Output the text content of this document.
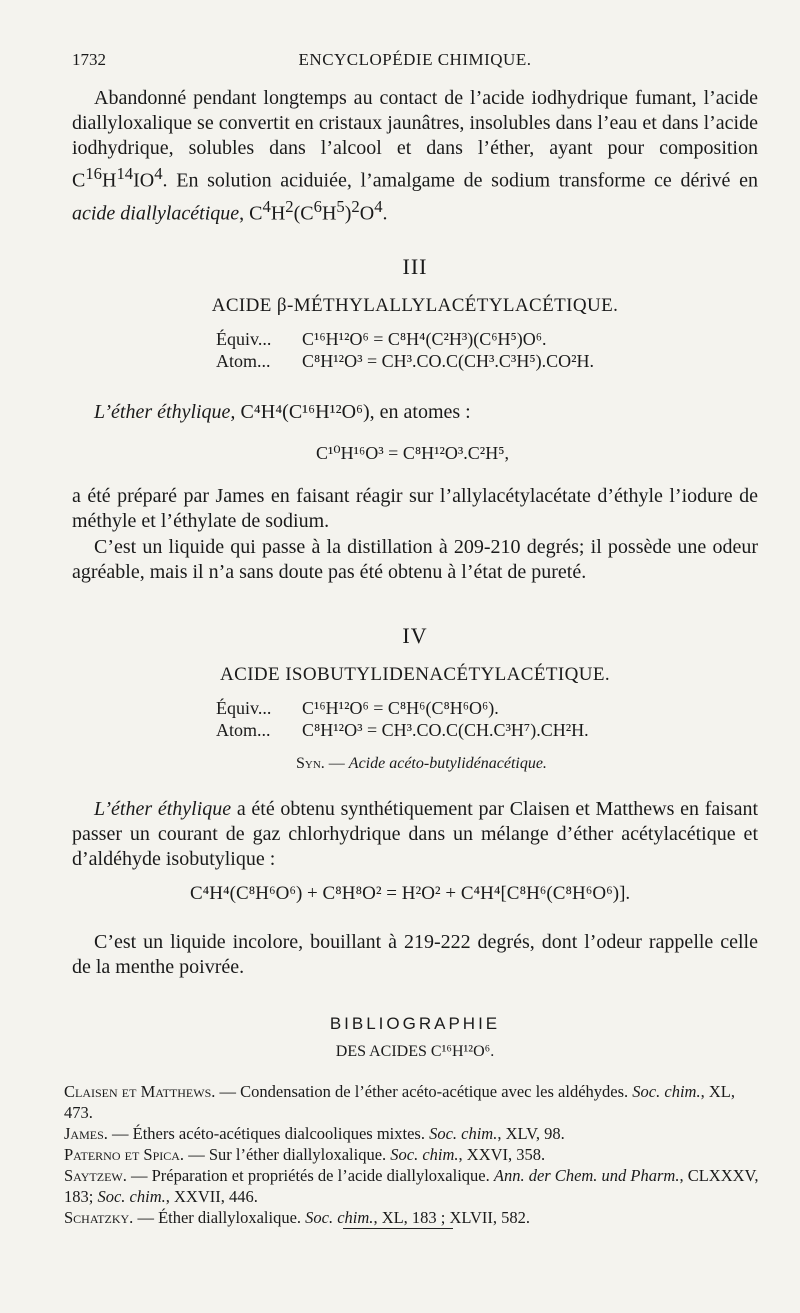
1732	ENCYCLOPÉDIE CHIMIQUE.
Abandonné pendant longtemps au contact de l’acide iodhydrique fumant, l’acide diallyloxalique se convertit en cristaux jaunâtres, insolubles dans l’eau et dans l’acide iodhydrique, solubles dans l’alcool et dans l’éther, ayant pour composition $C^{16}H^{14}IO^4$. En solution aciduiée, l’amalgame de sodium transforme ce dérivé en acide diallylacétique, $C^4H^2(C^6H^5)^2O^4$.
III
ACIDE β-MÉTHYLALLYLACÉTYLACÉTIQUE.
Équiv... C¹⁶H¹²O⁶ = C⁸H⁴(C²H³)(C⁶H⁵)O⁶.
Atom... C⁸H¹²O³ = CH³.CO.C(CH³.C³H⁵).CO²H.
L’éther éthylique, C⁴H⁴(C¹⁶H¹²O⁶), en atomes :
C¹⁰H¹⁶O³ = C⁸H¹²O³.C²H⁵,
a été préparé par James en faisant réagir sur l’allylacétylacétate d’éthyle l’iodure de méthyle et l’éthylate de sodium.
C’est un liquide qui passe à la distillation à 209-210 degrés; il possède une odeur agréable, mais il n’a sans doute pas été obtenu à l’état de pureté.
IV
ACIDE ISOBUTYLIDENACÉTYLACÉTIQUE.
Équiv... C¹⁶H¹²O⁶ = C⁸H⁶(C⁸H⁶O⁶).
Atom... C⁸H¹²O³ = CH³.CO.C(CH.C³H⁷).CH²H.
Syn. — Acide acéto-butylidénacétique.
L’éther éthylique a été obtenu synthétiquement par Claisen et Matthews en faisant passer un courant de gaz chlorhydrique dans un mélange d’éther acétylacétique et d’aldéhyde isobutylique :
C⁴H⁴(C⁸H⁶O⁶) + C⁸H⁸O² = H²O² + C⁴H⁴[C⁸H⁶(C⁸H⁶O⁶)].
C’est un liquide incolore, bouillant à 219-222 degrés, dont l’odeur rappelle celle de la menthe poivrée.
BIBLIOGRAPHIE
DES ACIDES C¹⁶H¹²O⁶.
Claisen et Matthews. — Condensation de l’éther acéto-acétique avec les aldéhydes. Soc. chim., XL, 473.
James. — Éthers acéto-acétiques dialcooliques mixtes. Soc. chim., XLV, 98.
Paterno et Spica. — Sur l’éther diallyloxalique. Soc. chim., XXVI, 358.
Saytzew. — Préparation et propriétés de l’acide diallyloxalique. Ann. der Chem. und Pharm., CLXXXV, 183; Soc. chim., XXVII, 446.
Schatzky. — Éther diallyloxalique. Soc. chim., XL, 183 ; XLVII, 582.
